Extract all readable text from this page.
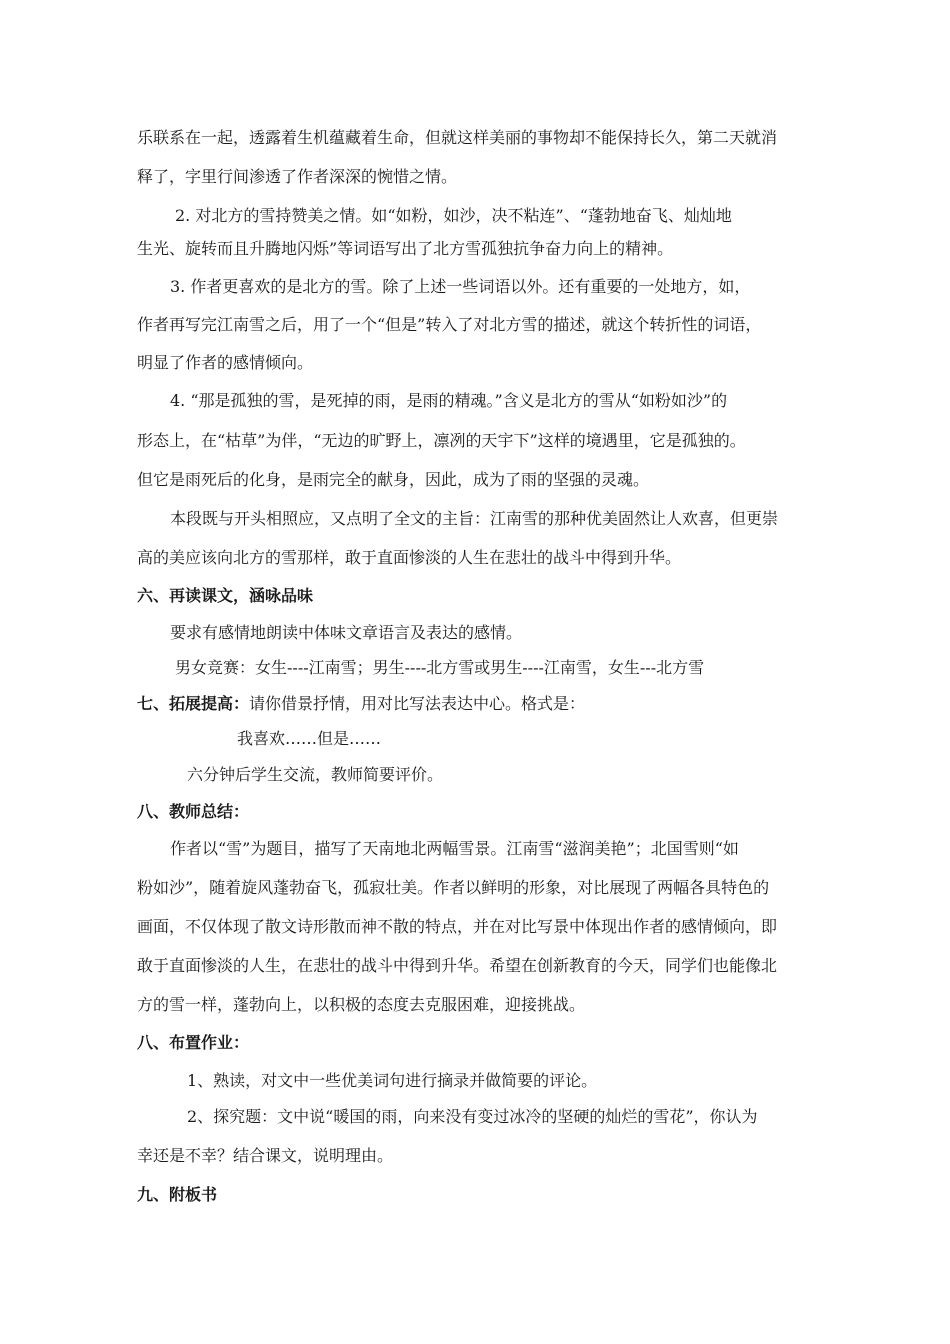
乐联系在一起，透露着生机蕴藏着生命，但就这样美丽的事物却不能保持长久，第二天就消
释了，字里行间渗透了作者深深的惋惜之情。
2. 对北方的雪持赞美之情。如“如粉，如沙，决不粘连”、“蓬勃地奋飞、灿灿地
生光、旋转而且升腾地闪烁”等词语写出了北方雪孤独抗争奋力向上的精神。
3. 作者更喜欢的是北方的雪。除了上述一些词语以外。还有重要的一处地方，如，
作者再写完江南雪之后，用了一个“但是”转入了对北方雪的描述，就这个转折性的词语，
明显了作者的感情倾向。
4. “那是孤独的雪，是死掉的雨，是雨的精魂。”含义是北方的雪从“如粉如沙”的
形态上，在“枯草”为伴，“无边的旷野上，凛冽的天宇下”这样的境遇里，它是孤独的。
但它是雨死后的化身，是雨完全的献身，因此，成为了雨的坚强的灵魂。
本段既与开头相照应，又点明了全文的主旨：江南雪的那种优美固然让人欢喜，但更崇
高的美应该向北方的雪那样，敢于直面惨淡的人生在悲壮的战斗中得到升华。
六、再读课文，涵咏品味
要求有感情地朗读中体味文章语言及表达的感情。
男女竞赛：女生----江南雪；男生----北方雪或男生----江南雪，女生---北方雪
七、拓展提高：请你借景抒情，用对比写法表达中心。格式是：
我喜欢……但是……
六分钟后学生交流，教师简要评价。
八、教师总结：
作者以“雪”为题目，描写了天南地北两幅雪景。江南雪“滋润美艳”；北国雪则“如
粉如沙”，随着旋风蓬勃奋飞，孤寂壮美。作者以鲜明的形象，对比展现了两幅各具特色的
画面，不仅体现了散文诗形散而神不散的特点，并在对比写景中体现出作者的感情倾向，即
敢于直面惨淡的人生，在悲壮的战斗中得到升华。希望在创新教育的今天，同学们也能像北
方的雪一样，蓬勃向上，以积极的态度去克服困难，迎接挑战。
八、布置作业：
1、熟读，对文中一些优美词句进行摘录并做简要的评论。
2、探究题：文中说“暖国的雨，向来没有变过冰冷的坚硬的灿烂的雪花”，你认为
幸还是不幸？结合课文，说明理由。
九、附板书
